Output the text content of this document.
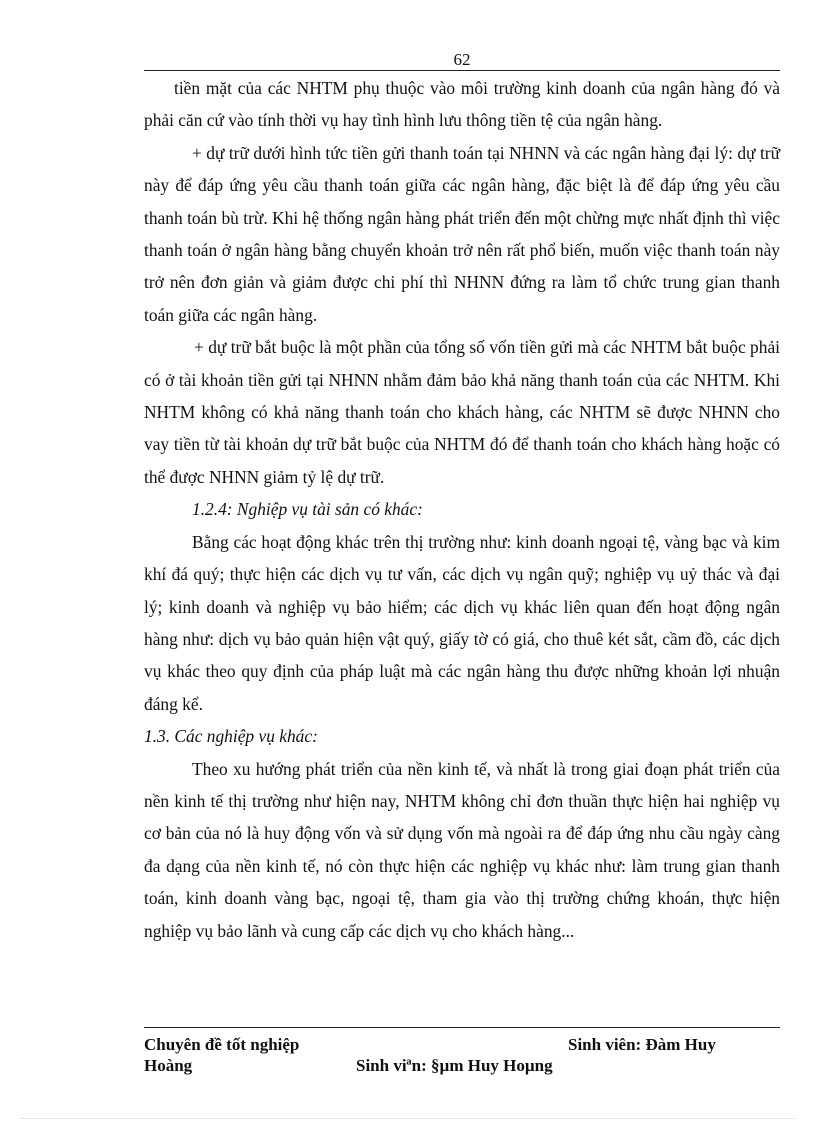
62

tiền mặt của các NHTM phụ thuộc vào môi trường kinh doanh của ngân hàng đó và phải căn cứ vào tính thời vụ hay tình hình lưu thông tiền tệ của ngân hàng.

+ dự trữ dưới hình tức tiền gửi thanh toán tại NHNN và các ngân hàng đại lý: dự trữ này để đáp ứng yêu cầu thanh toán giữa các ngân hàng, đặc biệt là để đáp ứng yêu cầu thanh toán bù trừ. Khi hệ thống ngân hàng phát triển đến một chừng mực nhất định thì việc thanh toán ở ngân hàng bằng chuyển khoản trở nên rất phổ biến, muốn việc thanh toán này trở nên đơn giản và giảm được chi phí thì NHNN đứng ra làm tổ chức trung gian thanh toán giữa các ngân hàng.

+ dự trữ bắt buộc là một phần của tổng số vốn tiền gửi mà các NHTM bắt buộc phải có ở tài khoản tiền gửi tại NHNN nhằm đảm bảo khả năng thanh toán của các NHTM. Khi NHTM không có khả năng thanh toán cho khách hàng, các NHTM sẽ được NHNN cho vay tiền từ tài khoản dự trữ bắt buộc của NHTM đó để thanh toán cho khách hàng hoặc có thể được NHNN giảm tỷ lệ dự trữ.

1.2.4: Nghiệp vụ tài sản có khác:

Bằng các hoạt động khác trên thị trường như: kinh doanh ngoại tệ, vàng bạc và kim khí đá quý; thực hiện các dịch vụ tư vấn, các dịch vụ ngân quỹ; nghiệp vụ uỷ thác và đại lý; kinh doanh và nghiệp vụ bảo hiểm; các dịch vụ khác liên quan đến hoạt động ngân hàng như: dịch vụ bảo quản hiện vật quý, giấy tờ có giá, cho thuê két sắt, cầm đồ, các dịch vụ khác theo quy định của pháp luật mà các ngân hàng thu được những khoản lợi nhuận đáng kể.

1.3. Các nghiệp vụ khác:

Theo xu hướng phát triển của nền kinh tế, và nhất là trong giai đoạn phát triển của nền kinh tế thị trường như hiện nay, NHTM không chỉ đơn thuần thực hiện hai nghiệp vụ cơ bản của nó là huy động vốn và sử dụng vốn mà ngoài ra để đáp ứng nhu cầu ngày càng đa dạng của nền kinh tế, nó còn thực hiện các nghiệp vụ khác như: làm trung gian thanh toán, kinh doanh vàng bạc, ngoại tệ, tham gia vào thị trường chứng khoán, thực hiện nghiệp vụ bảo lãnh và cung cấp các dịch vụ cho khách hàng...

Chuyên đề tốt nghiệp	Sinh viên: Đàm Huy
Hoàng	Sinh viªn: §µm Huy Hoµng
